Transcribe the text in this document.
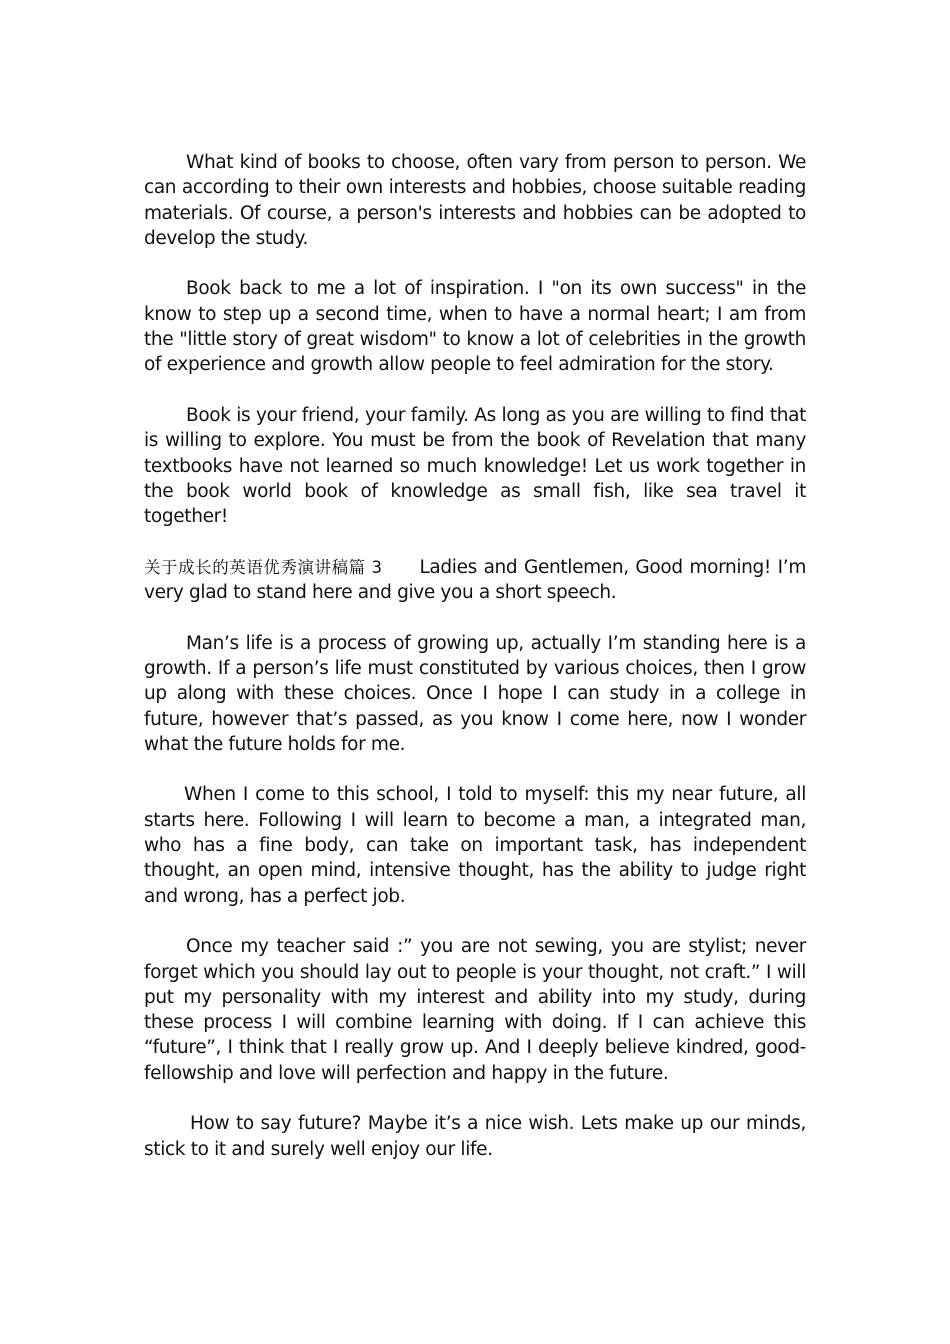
What kind of books to choose, often vary from person to person. We can according to their own interests and hobbies, choose suitable reading materials. Of course, a person's interests and hobbies can be adopted to develop the study.

Book back to me a lot of inspiration. I "on its own success" in the know to step up a second time, when to have a normal heart; I am from the "little story of great wisdom" to know a lot of celebrities in the growth of experience and growth allow people to feel admiration for the story.

Book is your friend, your family. As long as you are willing to find that is willing to explore. You must be from the book of Revelation that many textbooks have not learned so much knowledge! Let us work together in the book world book of knowledge as small fish, like sea travel it together!

关于成长的英语优秀演讲稿篇 3 Ladies and Gentlemen, Good morning! I’m very glad to stand here and give you a short speech.

Man’s life is a process of growing up, actually I’m standing here is a growth. If a person’s life must constituted by various choices, then I grow up along with these choices. Once I hope I can study in a college in future, however that’s passed, as you know I come here, now I wonder what the future holds for me.

When I come to this school, I told to myself: this my near future, all starts here. Following I will learn to become a man, a integrated man, who has a fine body, can take on important task, has independent thought, an open mind, intensive thought, has the ability to judge right and wrong, has a perfect job.

Once my teacher said :” you are not sewing, you are stylist; never forget which you should lay out to people is your thought, not craft.” I will put my personality with my interest and ability into my study, during these process I will combine learning with doing. If I can achieve this “future”, I think that I really grow up. And I deeply believe kindred, good-fellowship and love will perfection and happy in the future.

How to say future? Maybe it’s a nice wish. Lets make up our minds, stick to it and surely well enjoy our life.
